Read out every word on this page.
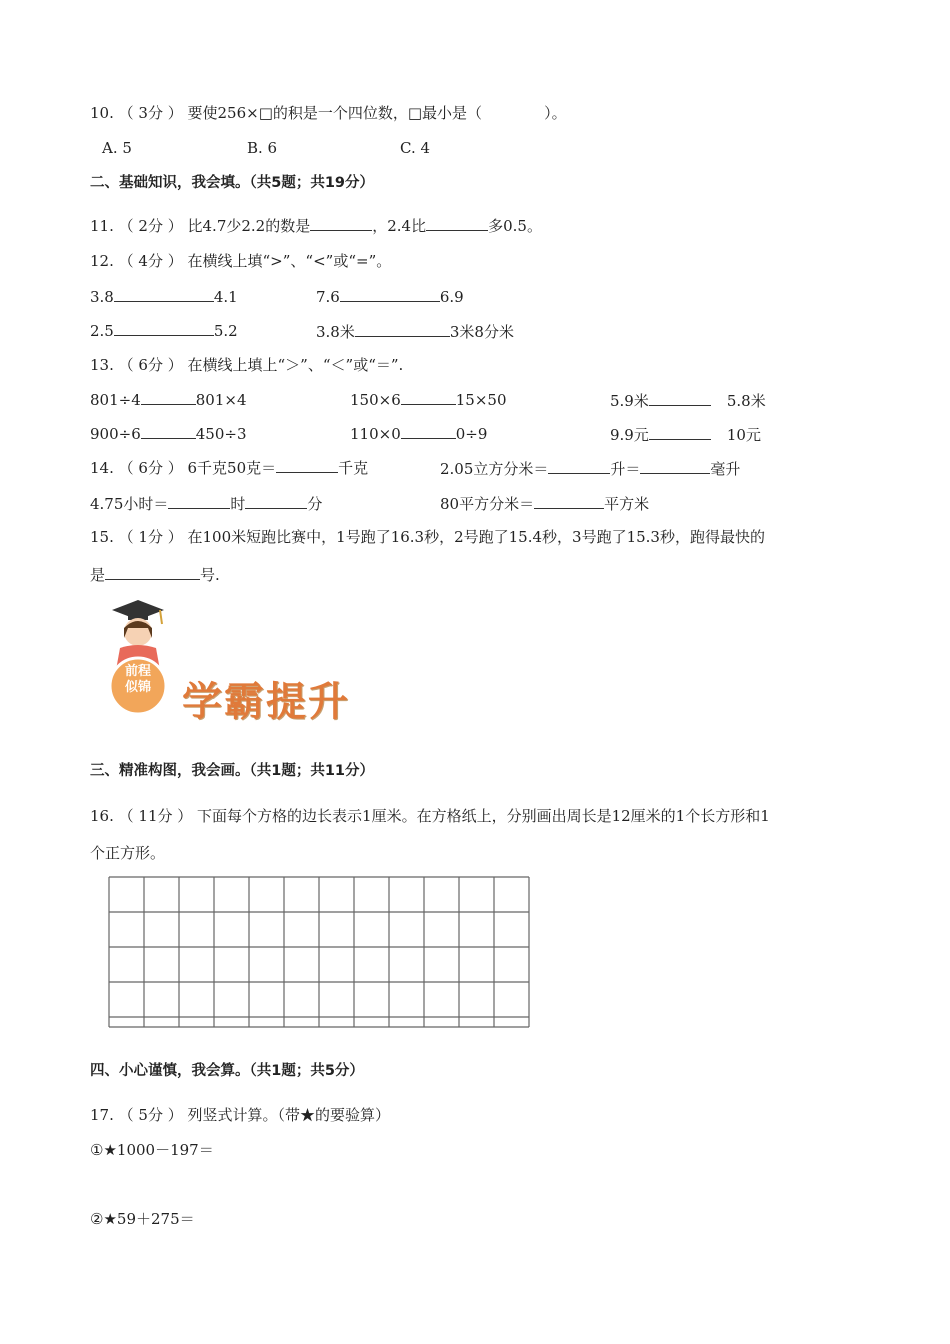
10. （ 3分 ） 要使256×□的积是一个四位数，□最小是（	）。
A. 5	B. 6	C. 4
二、基础知识，我会填。（共5题；共19分）
11. （ 2分 ） 比4.7少2.2的数是	，2.4比	多0.5。
12. （ 4分 ） 在横线上填“>”、“<”或“=”。
3.8	4.1	7.6	6.9
2.5	5.2	3.8米	3米8分米
13. （ 6分 ） 在横线上填上“＞”、“＜”或“＝”.
801÷4	801×4	150×6	15×50	5.9米	5.8米
900÷6	450÷3	110×0	0÷9	9.9元	10元
14. （ 6分 ） 6千克50克＝	千克	2.05立方分米＝	升＝	毫升
4.75小时＝	时	分	80平方分米＝	平方米
15. （ 1分 ） 在100米短跑比赛中，1号跑了16.3秒，2号跑了15.4秒，3号跑了15.3秒，跑得最快的
是	号.
前程
似锦 学霸提升
三、精准构图，我会画。（共1题；共11分）
16. （ 11分 ） 下面每个方格的边长表示1厘米。在方格纸上，分别画出周长是12厘米的1个长方形和1
个正方形。
四、小心谨慎，我会算。（共1题；共5分）
17. （ 5分 ） 列竖式计算。（带★的要验算）
①★1000－197＝
②★59＋275＝
